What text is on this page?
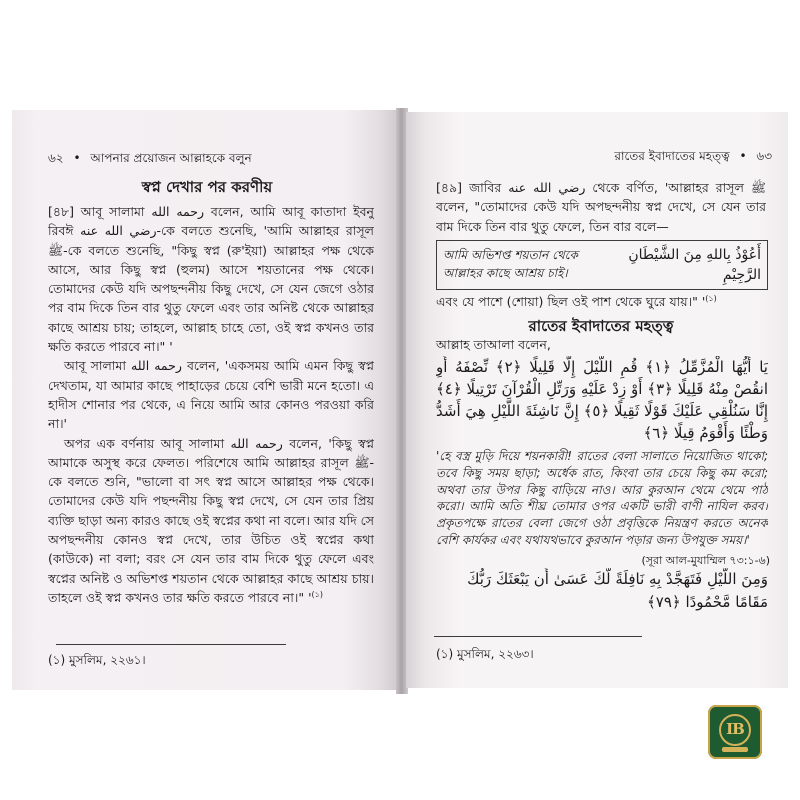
৬২ • আপনার প্রয়োজন আল্লাহকে বলুন
স্বপ্ন দেখার পর করণীয়

[৪৮] আবূ সালামা رحمه الله বলেন, আমি আবূ কাতাদা ইবনু রিবঈ رضي الله عنه-কে বলতে শুনেছি, 'আমি আল্লাহর রাসূল ﷺ-কে বলতে শুনেছি, "কিছু স্বপ্ন (রু'ইয়া) আল্লাহর পক্ষ থেকে আসে, আর কিছু স্বপ্ন (হুলম) আসে শয়তানের পক্ষ থেকে। তোমাদের কেউ যদি অপছন্দনীয় কিছু দেখে, সে যেন জেগে ওঠার পর বাম দিকে তিন বার থুতু ফেলে এবং তার অনিষ্ট থেকে আল্লাহর কাছে আশ্রয় চায়; তাহলে, আল্লাহ চাহে তো, ওই স্বপ্ন কখনও তার ক্ষতি করতে পারবে না।" '

আবূ সালামা رحمه الله বলেন, 'একসময় আমি এমন কিছু স্বপ্ন দেখতাম, যা আমার কাছে পাহাড়ের চেয়ে বেশি ভারী মনে হতো। এ হাদীস শোনার পর থেকে, এ নিয়ে আমি আর কোনও পরওয়া করি না।'

অপর এক বর্ণনায় আবূ সালামা رحمه الله বলেন, 'কিছু স্বপ্ন আমাকে অসুস্থ করে ফেলত। পরিশেষে আমি আল্লাহর রাসূল ﷺ-কে বলতে শুনি, "ভালো বা সৎ স্বপ্ন আসে আল্লাহর পক্ষ থেকে। তোমাদের কেউ যদি পছন্দনীয় কিছু স্বপ্ন দেখে, সে যেন তার প্রিয় ব্যক্তি ছাড়া অন্য কারও কাছে ওই স্বপ্নের কথা না বলে। আর যদি সে অপছন্দনীয় কোনও স্বপ্ন দেখে, তার উচিত ওই স্বপ্নের কথা (কাউকে) না বলা; বরং সে যেন তার বাম দিকে থুতু ফেলে এবং স্বপ্নের অনিষ্ট ও অভিশপ্ত শয়তান থেকে আল্লাহর কাছে আশ্রয় চায়। তাহলে ওই স্বপ্ন কখনও তার ক্ষতি করতে পারবে না।" '$^{(১)}$

(১) মুসলিম, ২২৬১।
রাতের ইবাদাতের মহত্ত্ব • ৬৩
[৪৯] জাবির رضي الله عنه থেকে বর্ণিত, 'আল্লাহর রাসূল ﷺ বলেন, "তোমাদের কেউ যদি অপছন্দনীয় স্বপ্ন দেখে, সে যেন তার বাম দিকে তিন বার থুতু ফেলে, তিন বার বলে—
আমি অভিশপ্ত শয়তান থেকে আল্লাহর কাছে আশ্রয় চাই।
أَعُوْذُ بِاللهِ مِنَ الشَّيْطَانِ الرَّجِيْمِ
এবং যে পাশে (শোয়া) ছিল ওই পাশ থেকে ঘুরে যায়।" '$^{(১)}$
রাতের ইবাদাতের মহত্ত্ব
আল্লাহ তাআলা বলেন,
يَا أَيُّهَا الْمُزَّمِّلُ ﴿١﴾ قُمِ اللَّيْلَ إِلَّا قَلِيلًا ﴿٢﴾ نِّصْفَهُ أَوِ انقُصْ مِنْهُ قَلِيلًا ﴿٣﴾ أَوْ زِدْ عَلَيْهِ وَرَتِّلِ الْقُرْآنَ تَرْتِيلًا ﴿٤﴾ إِنَّا سَنُلْقِي عَلَيْكَ قَوْلًا ثَقِيلًا ﴿٥﴾ إِنَّ نَاشِئَةَ اللَّيْلِ هِيَ أَشَدُّ وَطْئًا وَأَقْوَمُ قِيلًا ﴿٦﴾
'হে বস্ত্র মুড়ি দিয়ে শয়নকারী! রাতের বেলা সালাতে নিয়োজিত থাকো; তবে কিছু সময় ছাড়া; অর্ধেক রাত, কিংবা তার চেয়ে কিছু কম করো; অথবা তার উপর কিছু বাড়িয়ে নাও। আর কুরআন থেমে থেমে পাঠ করো। আমি অতি শীঘ্র তোমার ওপর একটি ভারী বাণী নাযিল করব। প্রকৃতপক্ষে রাতের বেলা জেগে ওঠা প্রবৃত্তিকে নিয়ন্ত্রণ করতে অনেক বেশি কার্যকর এবং যথাযথভাবে কুরআন পড়ার জন্য উপযুক্ত সময়।'
(সূরা আল-মুযাম্মিল ৭৩:১-৬)
وَمِنَ اللَّيْلِ فَتَهَجَّدْ بِهِ نَافِلَةً لَّكَ عَسَىٰ أَن يَبْعَثَكَ رَبُّكَ مَقَامًا مَّحْمُودًا ﴿٧٩﴾
(১) মুসলিম, ২২৬৩।
IB
